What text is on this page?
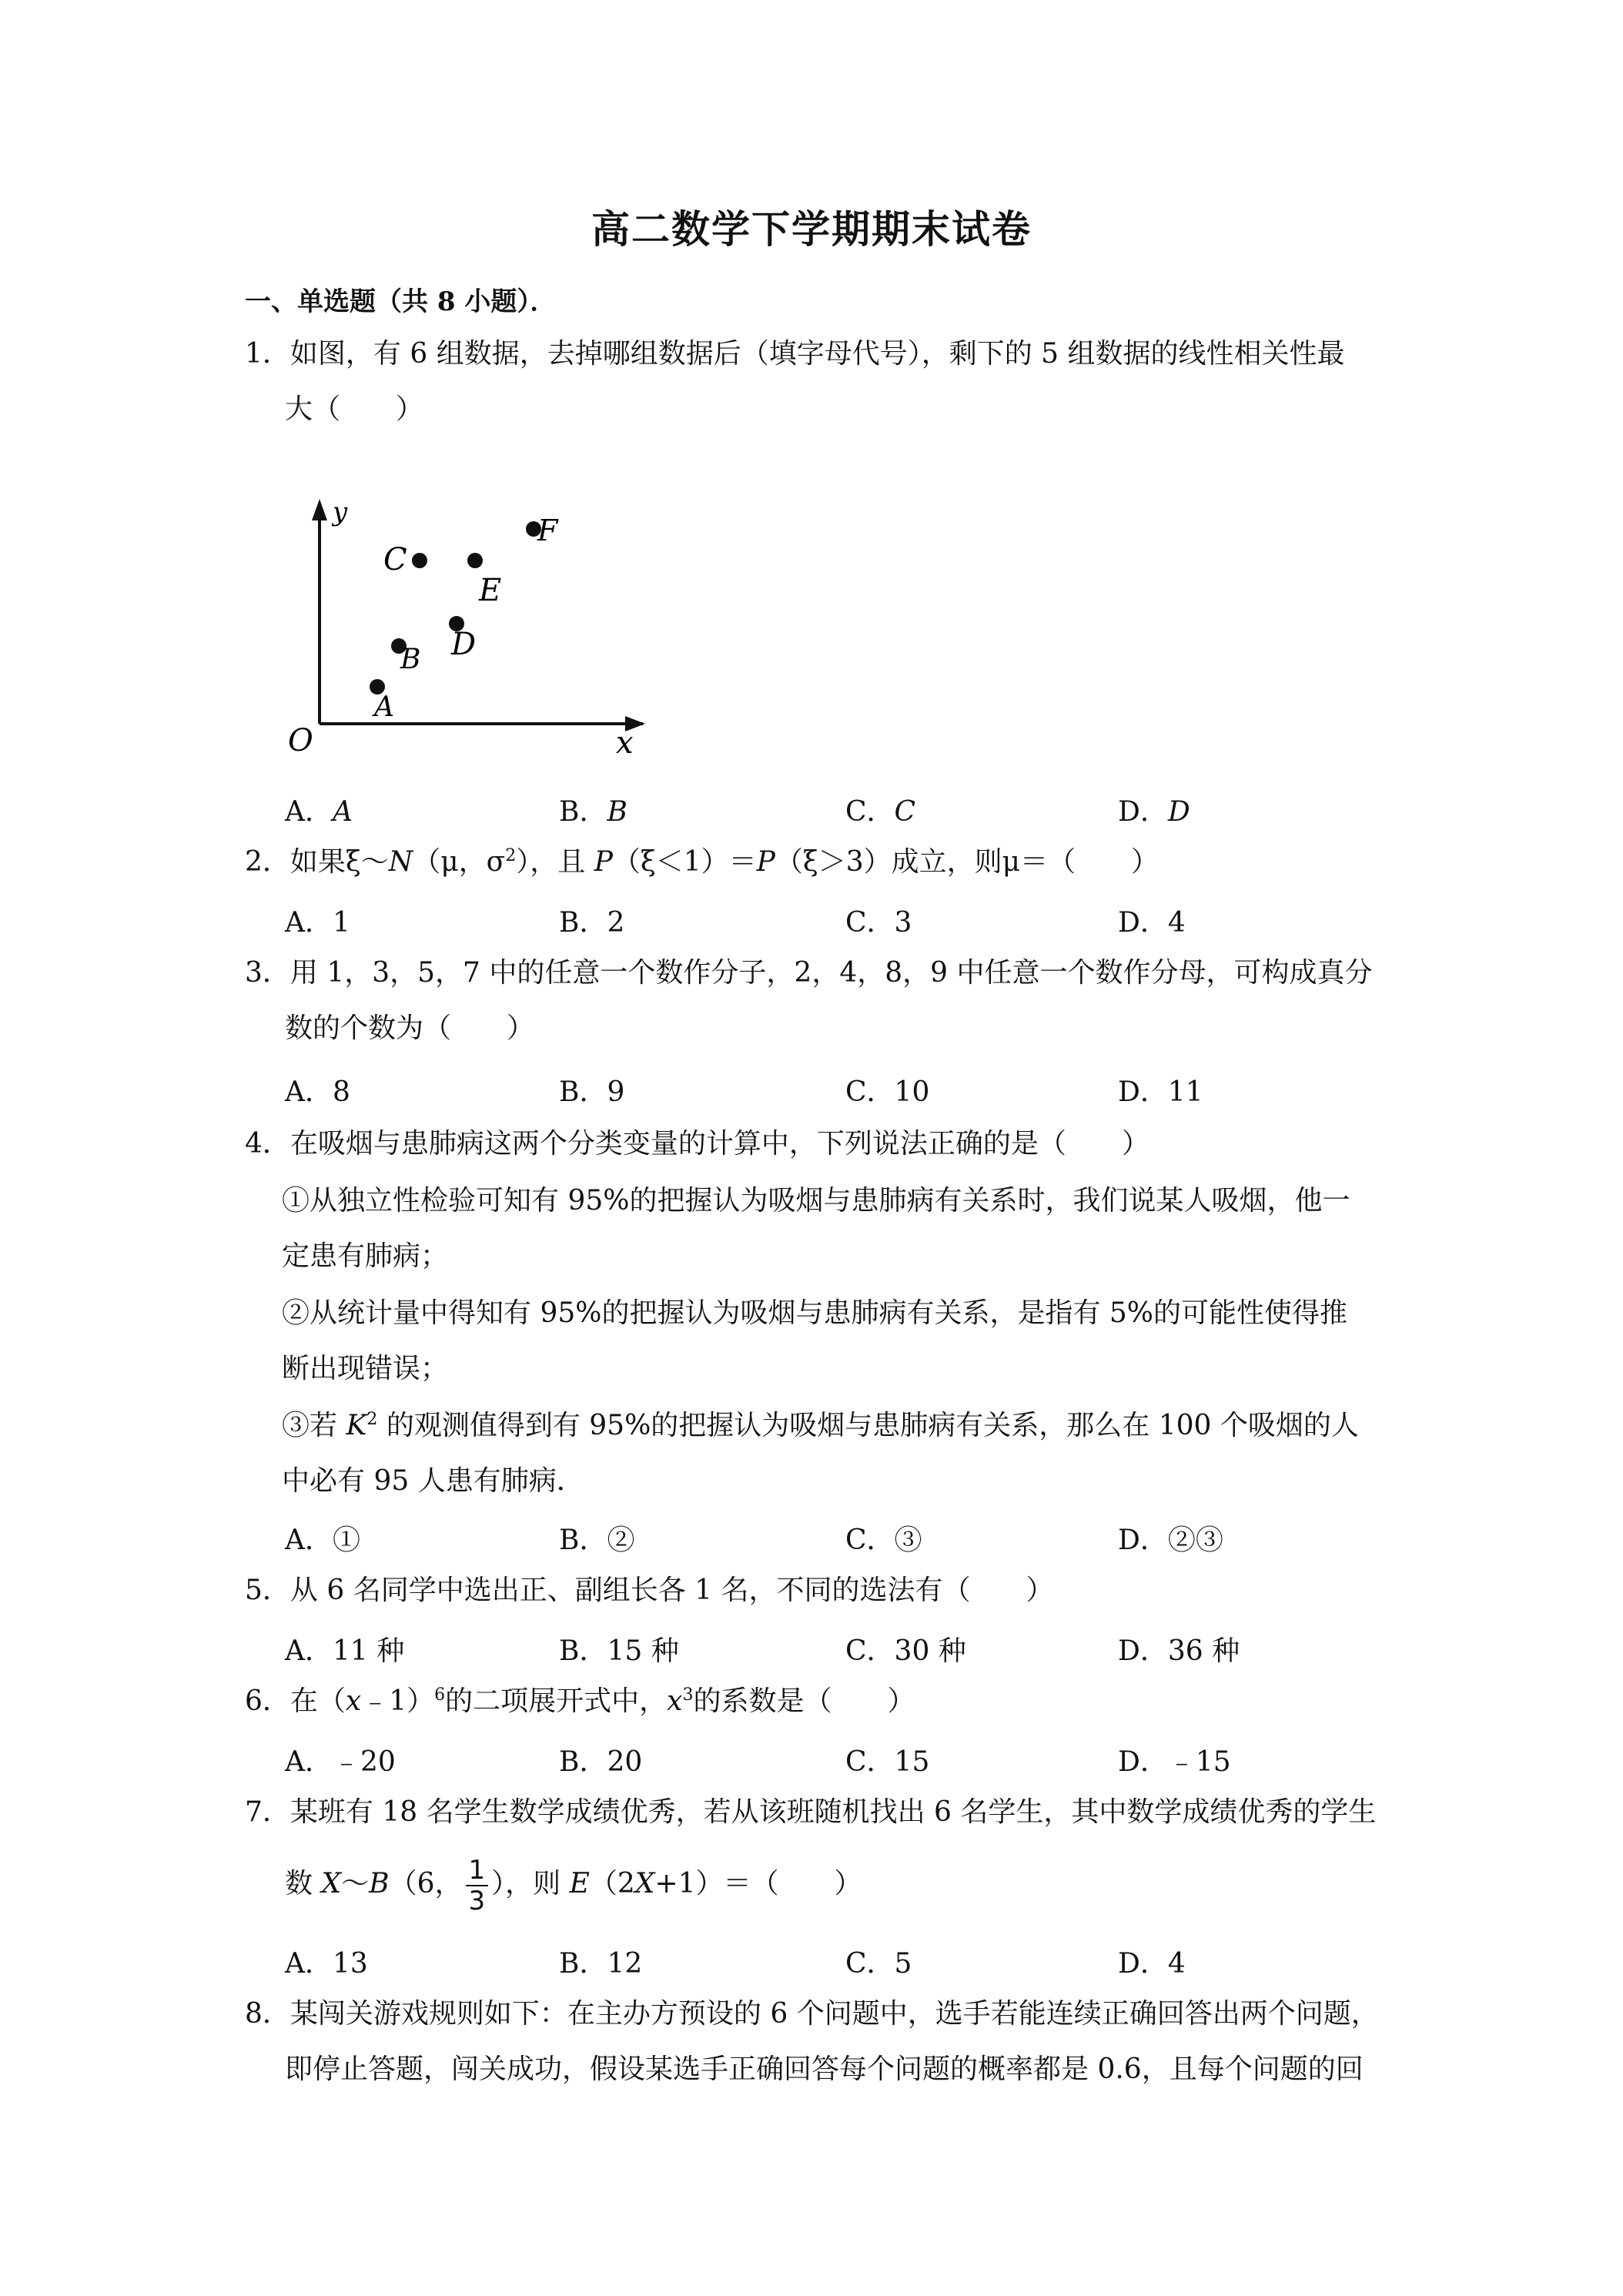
高二数学下学期期末试卷
一、单选题（共 8 小题）．
1．如图，有 6 组数据，去掉哪组数据后（填字母代号），剩下的 5 组数据的线性相关性最
大（　　）
y
x
O
A
B
C
D
E
F
A．A	B．B	C．C	D．D
2．如果ξ～N（μ，$\sigma^2$），且 P（ξ＜1）＝P（ξ＞3）成立，则μ＝（　　）
A．1	B．2	C．3	D．4
3．用 1，3，5，7 中的任意一个数作分子，2，4，8，9 中任意一个数作分母，可构成真分
数的个数为（　　）
A．8	B．9	C．10	D．11
4．在吸烟与患肺病这两个分类变量的计算中，下列说法正确的是（　　）
①从独立性检验可知有 95%的把握认为吸烟与患肺病有关系时，我们说某人吸烟，他一
定患有肺病；
②从统计量中得知有 95%的把握认为吸烟与患肺病有关系，是指有 5%的可能性使得推
断出现错误；
③若 $K^2$ 的观测值得到有 95%的把握认为吸烟与患肺病有关系，那么在 100 个吸烟的人
中必有 95 人患有肺病．
A．①	B．②	C．③	D．②③
5．从 6 名同学中选出正、副组长各 1 名，不同的选法有（　　）
A．11 种	B．15 种	C．30 种	D．36 种
6．在（x﹣1）$^6$的二项展开式中，$x^3$的系数是（　　）
A．﹣20	B．20	C．15	D．﹣15
7．某班有 18 名学生数学成绩优秀，若从该班随机找出 6 名学生，其中数学成绩优秀的学生
数 X～B（6， $\frac{1}{3}$ ），则 E（2X+1）＝（　　）
A．13	B．12	C．5	D．4
8．某闯关游戏规则如下：在主办方预设的 6 个问题中，选手若能连续正确回答出两个问题，
即停止答题，闯关成功，假设某选手正确回答每个问题的概率都是 0.6，且每个问题的回
